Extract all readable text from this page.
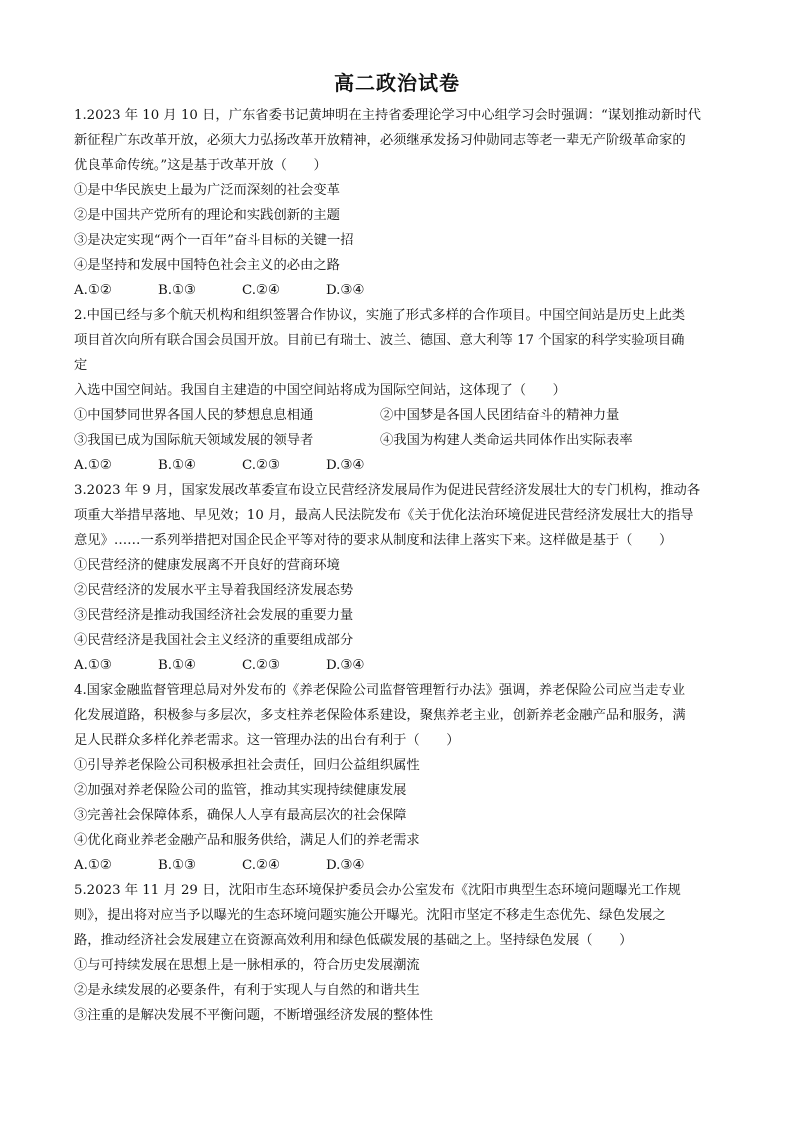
高二政治试卷

1.2023 年 10 月 10 日，广东省委书记黄坤明在主持省委理论学习中心组学习会时强调：“谋划推动新时代

新征程广东改革开放，必须大力弘扬改革开放精神，必须继承发扬习仲勋同志等老一辈无产阶级革命家的

优良革命传统。”这是基于改革开放（　　）

①是中华民族史上最为广泛而深刻的社会变革

②是中国共产党所有的理论和实践创新的主题

③是决定实现“两个一百年”奋斗目标的关键一招

④是坚持和发展中国特色社会主义的必由之路

A.①②	B.①③	C.②④	D.③④

2.中国已经与多个航天机构和组织签署合作协议，实施了形式多样的合作项目。中国空间站是历史上此类

项目首次向所有联合国会员国开放。目前已有瑞士、波兰、德国、意大利等 17 个国家的科学实验项目确

定

入选中国空间站。我国自主建造的中国空间站将成为国际空间站，这体现了（　　）

①中国梦同世界各国人民的梦想息息相通	②中国梦是各国人民团结奋斗的精神力量
③我国已成为国际航天领域发展的领导者	④我国为构建人类命运共同体作出实际表率
A.①②	B.①④	C.②③	D.③④

3.2023 年 9 月，国家发展改革委宣布设立民营经济发展局作为促进民营经济发展壮大的专门机构，推动各

项重大举措早落地、早见效；10 月，最高人民法院发布《关于优化法治环境促进民营经济发展壮大的指导

意见》……一系列举措把对国企民企平等对待的要求从制度和法律上落实下来。这样做是基于（　　）

①民营经济的健康发展离不开良好的营商环境

②民营经济的发展水平主导着我国经济发展态势

③民营经济是推动我国经济社会发展的重要力量

④民营经济是我国社会主义经济的重要组成部分

A.①③	B.①④	C.②③	D.③④

4.国家金融监督管理总局对外发布的《养老保险公司监督管理暂行办法》强调，养老保险公司应当走专业

化发展道路，积极参与多层次，多支柱养老保险体系建设，聚焦养老主业，创新养老金融产品和服务，满

足人民群众多样化养老需求。这一管理办法的出台有利于（　　）

①引导养老保险公司积极承担社会责任，回归公益组织属性

②加强对养老保险公司的监管，推动其实现持续健康发展

③完善社会保障体系，确保人人享有最高层次的社会保障

④优化商业养老金融产品和服务供给，满足人们的养老需求

A.①②	B.①③	C.②④	D.③④

5.2023 年 11 月 29 日，沈阳市生态环境保护委员会办公室发布《沈阳市典型生态环境问题曝光工作规

则》，提出将对应当予以曝光的生态环境问题实施公开曝光。沈阳市坚定不移走生态优先、绿色发展之

路，推动经济社会发展建立在资源高效利用和绿色低碳发展的基础之上。坚持绿色发展（　　）

①与可持续发展在思想上是一脉相承的，符合历史发展潮流

②是永续发展的必要条件，有利于实现人与自然的和谐共生

③注重的是解决发展不平衡问题，不断增强经济发展的整体性
